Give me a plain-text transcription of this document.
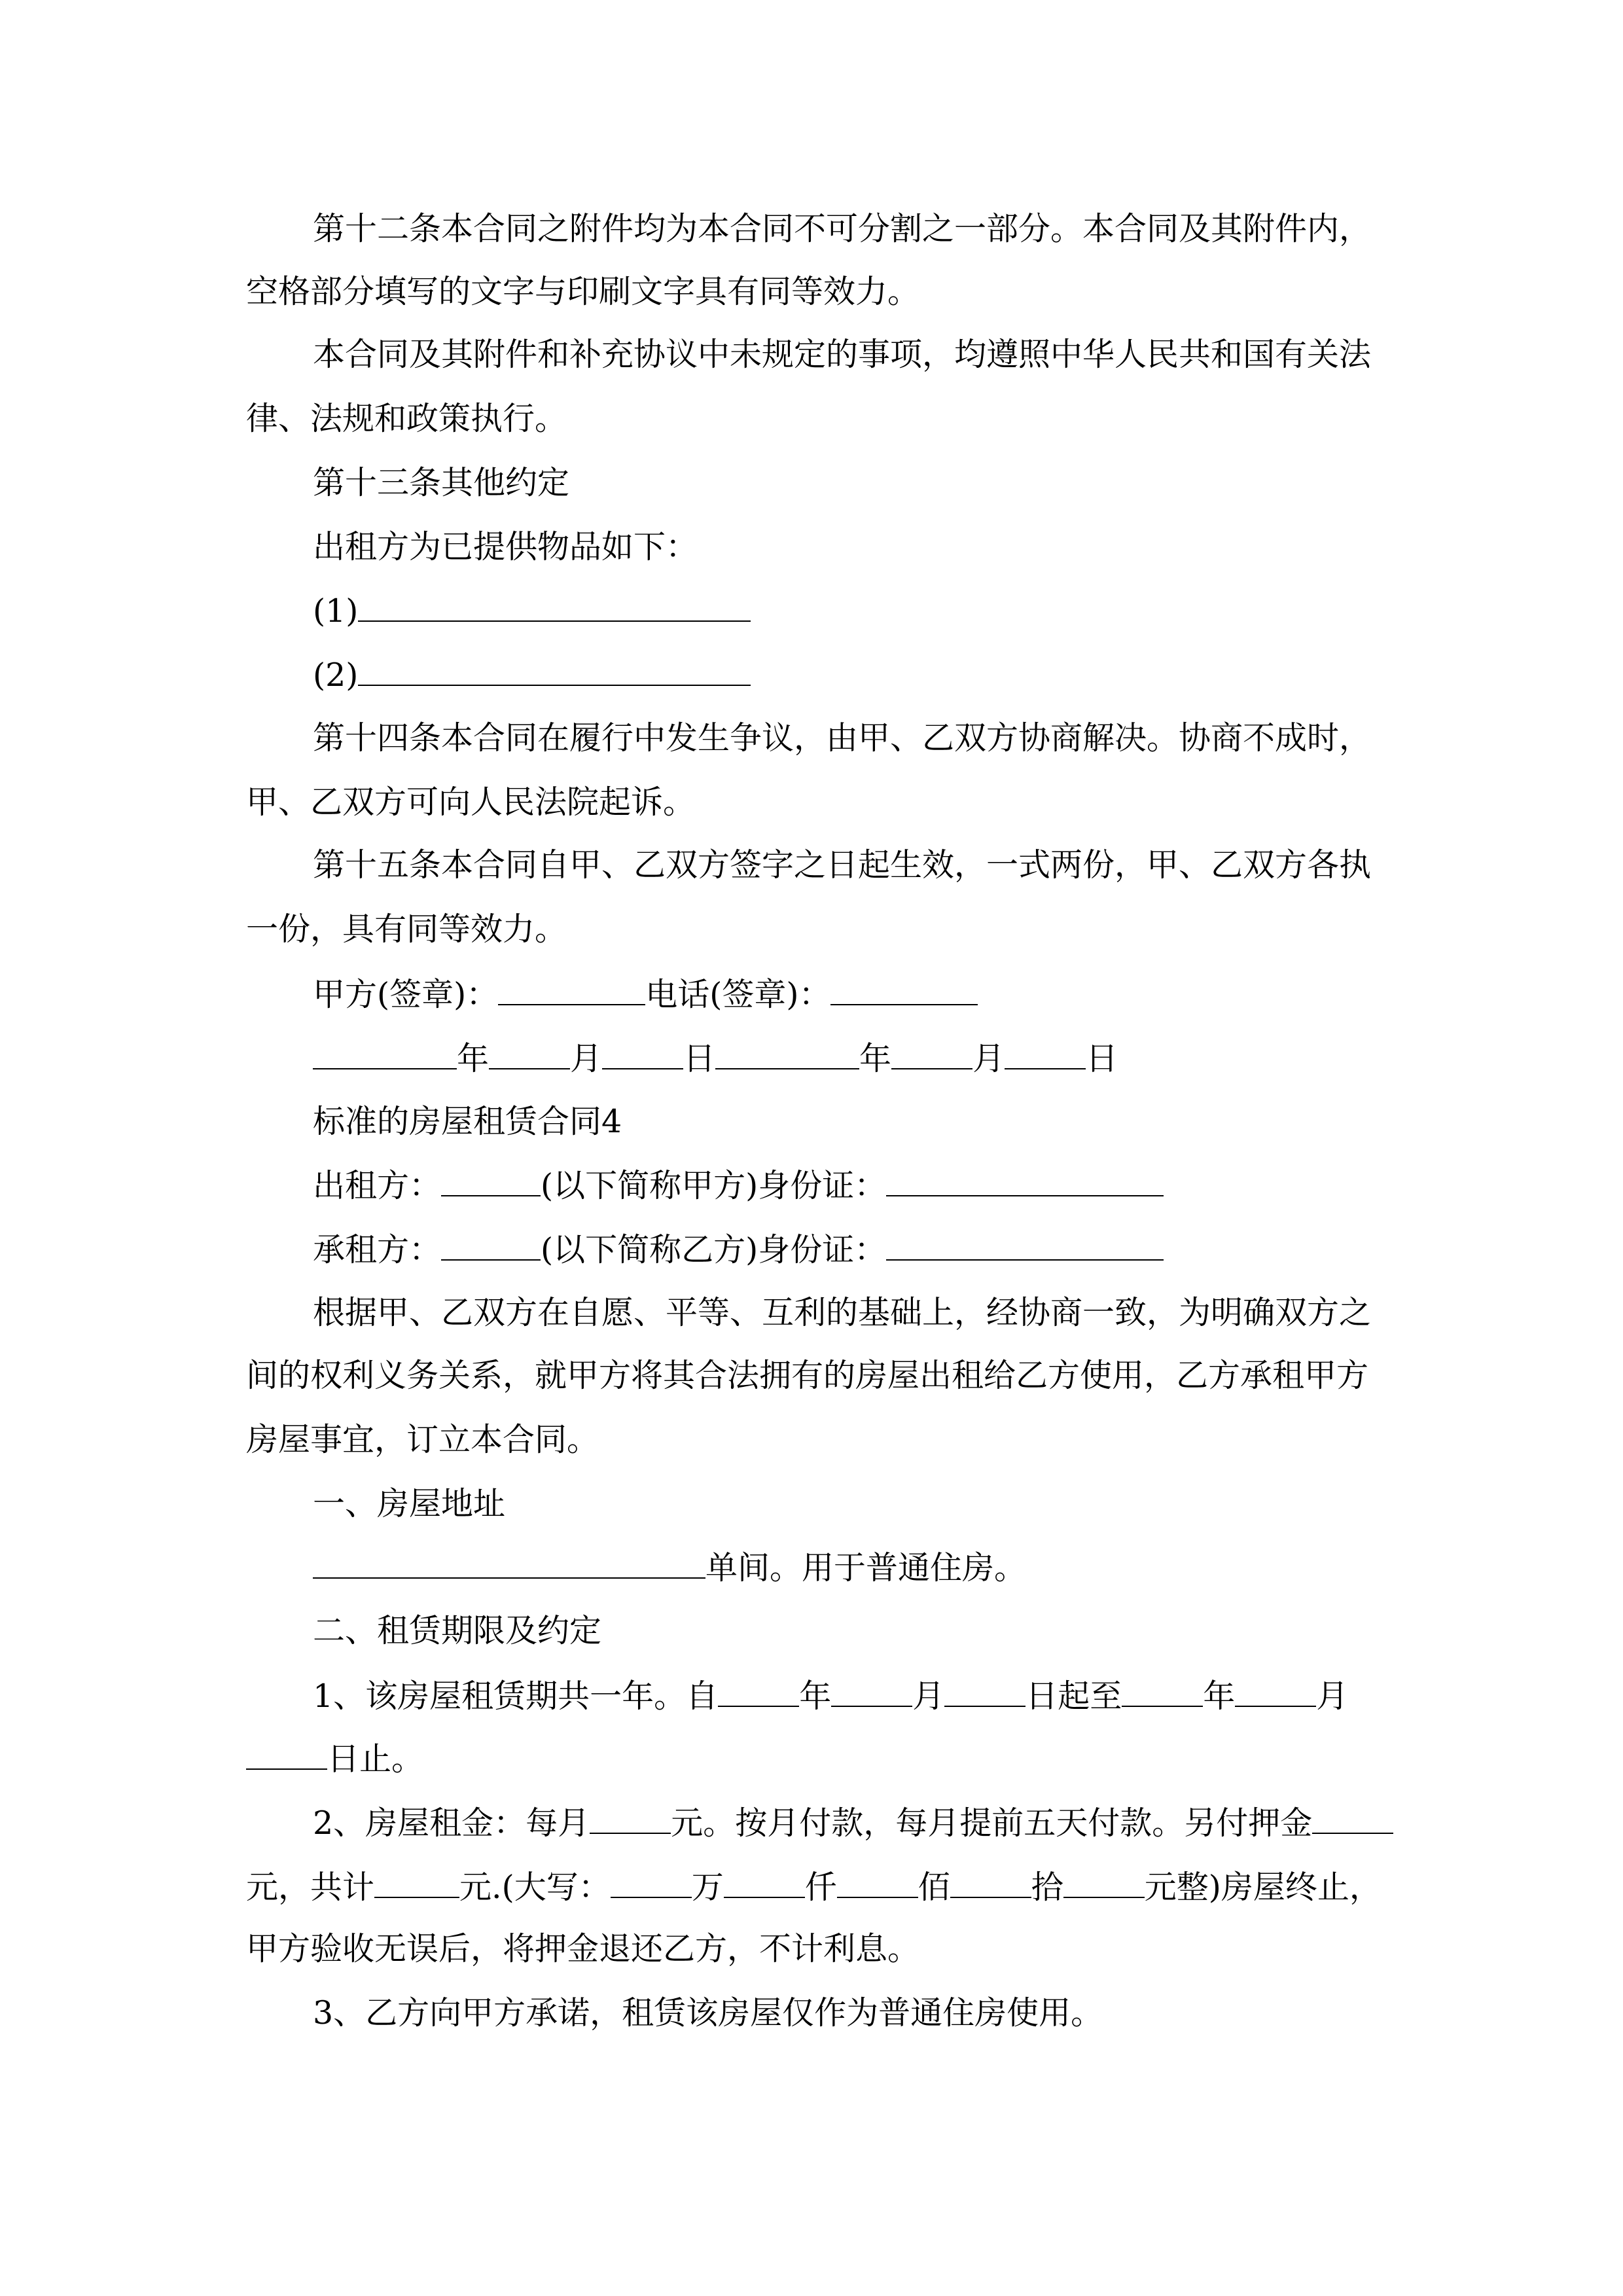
第十二条本合同之附件均为本合同不可分割之一部分。本合同及其附件内，
空格部分填写的文字与印刷文字具有同等效力。
本合同及其附件和补充协议中未规定的事项，均遵照中华人民共和国有关法
律、法规和政策执行。
第十三条其他约定
出租方为已提供物品如下：
(1)
(2)
第十四条本合同在履行中发生争议，由甲、乙双方协商解决。协商不成时，
甲、乙双方可向人民法院起诉。
第十五条本合同自甲、乙双方签字之日起生效，一式两份，甲、乙双方各执
一份，具有同等效力。
甲方(签章)：	电话(签章)：
年	月	日	年	月	日
标准的房屋租赁合同4
出租方：	(以下简称甲方)身份证：
承租方：	(以下简称乙方)身份证：
根据甲、乙双方在自愿、平等、互利的基础上，经协商一致，为明确双方之
间的权利义务关系，就甲方将其合法拥有的房屋出租给乙方使用，乙方承租甲方
房屋事宜，订立本合同。
一、房屋地址
单间。用于普通住房。
二、租赁期限及约定
1、该房屋租赁期共一年。自	年	月	日起至	年	月
日止。
2、房屋租金：每月	元。按月付款，每月提前五天付款。另付押金
元，共计	元.(大写：	万	仟	佰	拾	元整)房屋终止，
甲方验收无误后，将押金退还乙方，不计利息。
3、乙方向甲方承诺，租赁该房屋仅作为普通住房使用。
